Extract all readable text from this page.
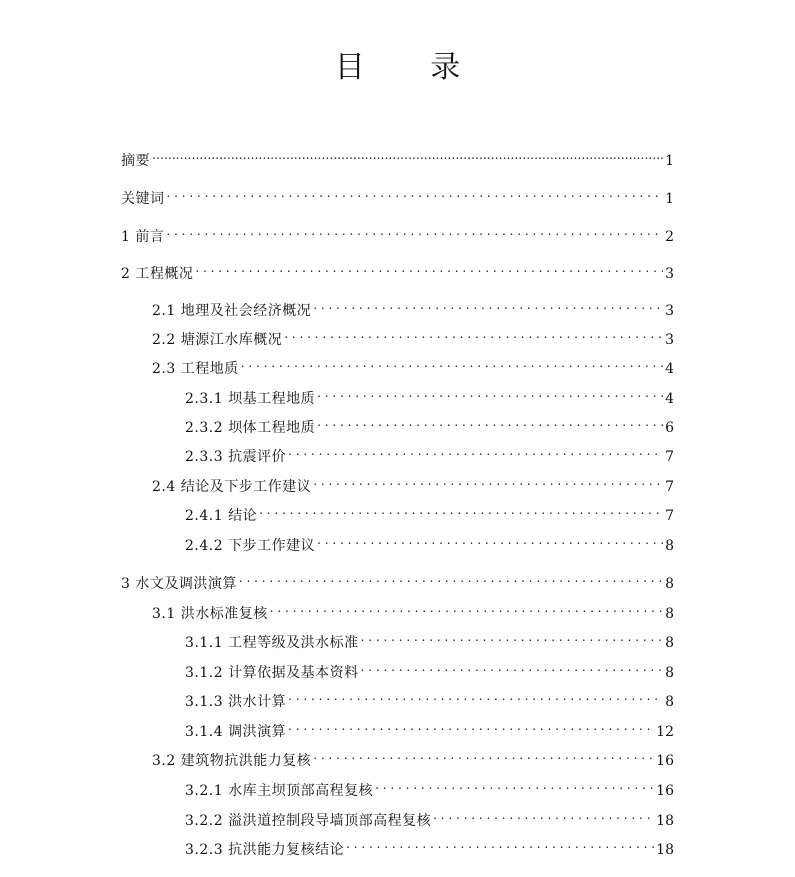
目 录
摘要 … … … … … … … … … … … … … … … … … … … … … … … … … … … … … … … … … … … … … … … … … … … … … … … … … … … … … … … … … … … …	1
关键词 . . .	1
1 前言 . . .	2
2 工程概况 . . .	3
2.1 地理及社会经济概况 . . .	3
2.2 塘源江水库概况 . . .	3
2.3 工程地质 . . .	4
2.3.1 坝基工程地质 . . .	4
2.3.2 坝体工程地质 . . .	6
2.3.3 抗震评价 . . .	7
2.4 结论及下步工作建议 . . .	7
2.4.1 结论 . . .	7
2.4.2 下步工作建议 . . .	8
3 水文及调洪演算 . . .	8
3.1 洪水标准复核 . . .	8
3.1.1 工程等级及洪水标准 . . .	8
3.1.2 计算依据及基本资料 . . .	8
3.1.3 洪水计算 . . .	8
3.1.4 调洪演算 . . .	12
3.2 建筑物抗洪能力复核 . . .	16
3.2.1 水库主坝顶部高程复核 . . .	16
3.2.2 溢洪道控制段导墙顶部高程复核 . . .	18
3.2.3 抗洪能力复核结论 . . .	18
